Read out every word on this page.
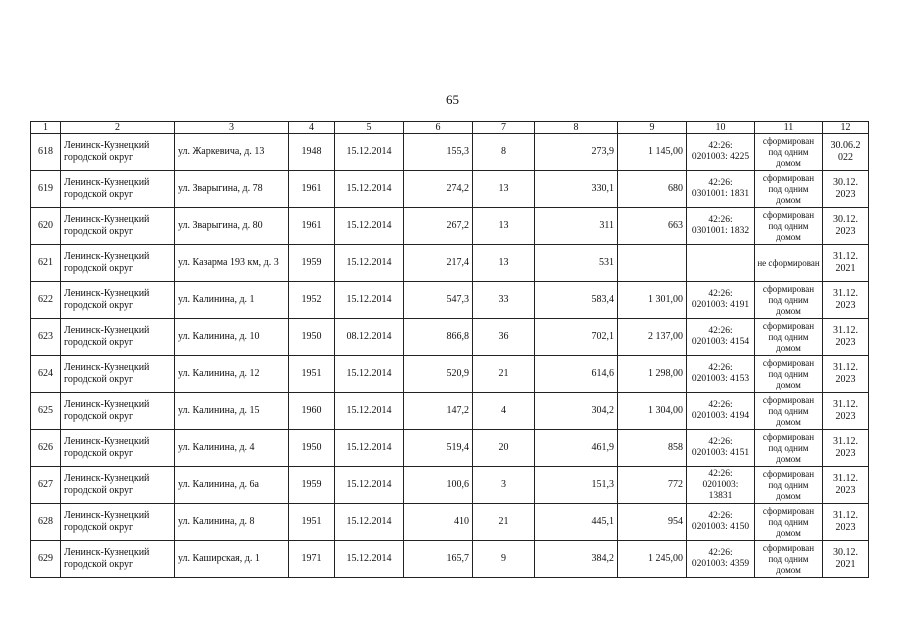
65
1	2	3	4	5	6	7	8	9	10	11	12
618	Ленинск-Кузнецкий городской округ	ул. Жаркевича, д. 13	1948	15.12.2014	155,3	8	273,9	1 145,00	42:26: 0201003: 4225	сформирован под одним домом	30.06.2 022
619	Ленинск-Кузнецкий городской округ	ул. Зварыгина, д. 78	1961	15.12.2014	274,2	13	330,1	680	42:26: 0301001: 1831	сформирован под одним домом	30.12. 2023
620	Ленинск-Кузнецкий городской округ	ул. Зварыгина, д. 80	1961	15.12.2014	267,2	13	311	663	42:26: 0301001: 1832	сформирован под одним домом	30.12. 2023
621	Ленинск-Кузнецкий городской округ	ул. Казарма 193 км, д. 3	1959	15.12.2014	217,4	13	531			не сформирован	31.12. 2021
622	Ленинск-Кузнецкий городской округ	ул. Калинина, д. 1	1952	15.12.2014	547,3	33	583,4	1 301,00	42:26: 0201003: 4191	сформирован под одним домом	31.12. 2023
623	Ленинск-Кузнецкий городской округ	ул. Калинина, д. 10	1950	08.12.2014	866,8	36	702,1	2 137,00	42:26: 0201003: 4154	сформирован под одним домом	31.12. 2023
624	Ленинск-Кузнецкий городской округ	ул. Калинина, д. 12	1951	15.12.2014	520,9	21	614,6	1 298,00	42:26: 0201003: 4153	сформирован под одним домом	31.12. 2023
625	Ленинск-Кузнецкий городской округ	ул. Калинина, д. 15	1960	15.12.2014	147,2	4	304,2	1 304,00	42:26: 0201003: 4194	сформирован под одним домом	31.12. 2023
626	Ленинск-Кузнецкий городской округ	ул. Калинина, д. 4	1950	15.12.2014	519,4	20	461,9	858	42:26: 0201003: 4151	сформирован под одним домом	31.12. 2023
627	Ленинск-Кузнецкий городской округ	ул. Калинина, д. 6а	1959	15.12.2014	100,6	3	151,3	772	42:26: 0201003: 13831	сформирован под одним домом	31.12. 2023
628	Ленинск-Кузнецкий городской округ	ул. Калинина, д. 8	1951	15.12.2014	410	21	445,1	954	42:26: 0201003: 4150	сформирован под одним домом	31.12. 2023
629	Ленинск-Кузнецкий городской округ	ул. Каширская, д. 1	1971	15.12.2014	165,7	9	384,2	1 245,00	42:26: 0201003: 4359	сформирован под одним домом	30.12. 2021
